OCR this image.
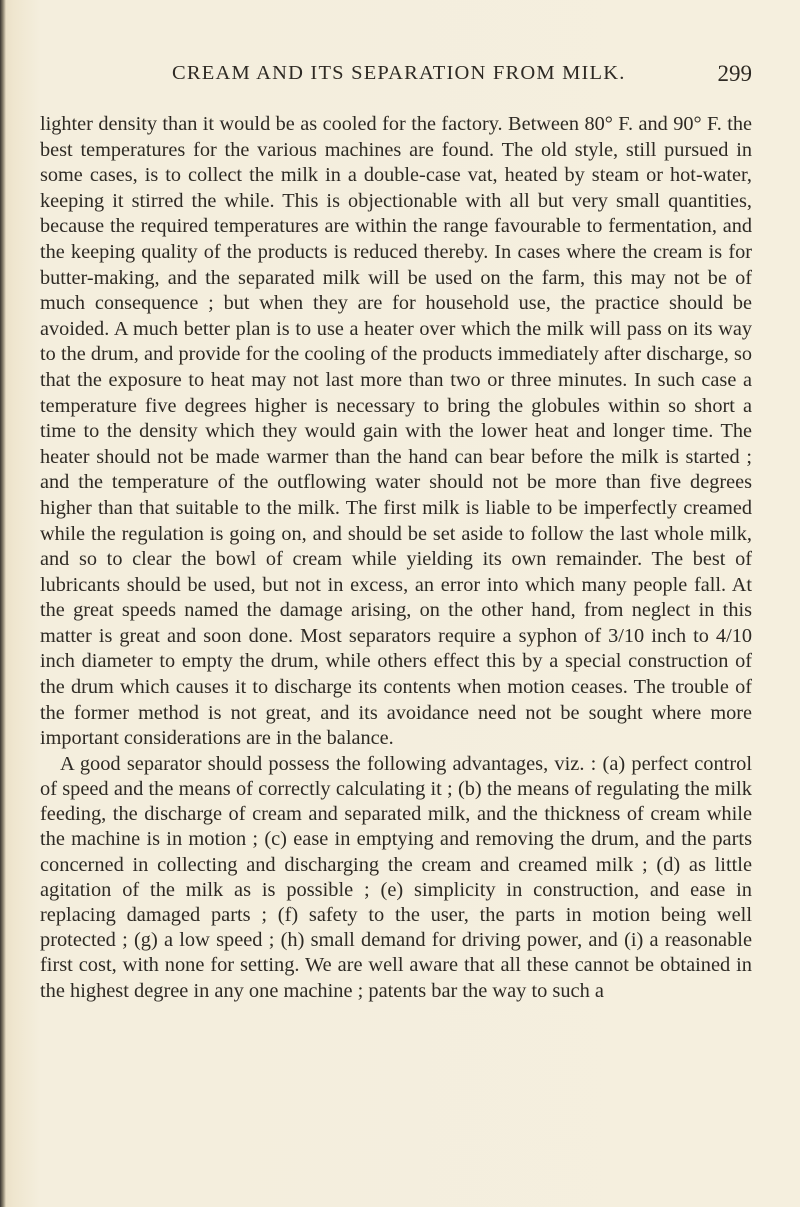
CREAM AND ITS SEPARATION FROM MILK.	299

lighter density than it would be as cooled for the factory. Between 80° F. and 90° F. the best temperatures for the various machines are found. The old style, still pursued in some cases, is to collect the milk in a double-case vat, heated by steam or hot-water, keeping it stirred the while. This is objectionable with all but very small quantities, because the required temperatures are within the range favourable to fermentation, and the keeping quality of the products is reduced thereby. In cases where the cream is for butter-making, and the separated milk will be used on the farm, this may not be of much consequence ; but when they are for household use, the practice should be avoided. A much better plan is to use a heater over which the milk will pass on its way to the drum, and provide for the cooling of the products immediately after discharge, so that the exposure to heat may not last more than two or three minutes. In such case a temperature five degrees higher is necessary to bring the globules within so short a time to the density which they would gain with the lower heat and longer time. The heater should not be made warmer than the hand can bear before the milk is started ; and the temperature of the outflowing water should not be more than five degrees higher than that suitable to the milk. The first milk is liable to be imperfectly creamed while the regulation is going on, and should be set aside to follow the last whole milk, and so to clear the bowl of cream while yielding its own remainder. The best of lubricants should be used, but not in excess, an error into which many people fall. At the great speeds named the damage arising, on the other hand, from neglect in this matter is great and soon done. Most separators require a syphon of 3/10 inch to 4/10 inch diameter to empty the drum, while others effect this by a special construction of the drum which causes it to discharge its contents when motion ceases. The trouble of the former method is not great, and its avoidance need not be sought where more important considerations are in the balance.

A good separator should possess the following advantages, viz. : (a) perfect control of speed and the means of correctly calculating it ; (b) the means of regulating the milk feeding, the discharge of cream and separated milk, and the thickness of cream while the machine is in motion ; (c) ease in emptying and removing the drum, and the parts concerned in collecting and discharging the cream and creamed milk ; (d) as little agitation of the milk as is possible ; (e) simplicity in construction, and ease in replacing damaged parts ; (f) safety to the user, the parts in motion being well protected ; (g) a low speed ; (h) small demand for driving power, and (i) a reasonable first cost, with none for setting. We are well aware that all these cannot be obtained in the highest degree in any one machine ; patents bar the way to such a
